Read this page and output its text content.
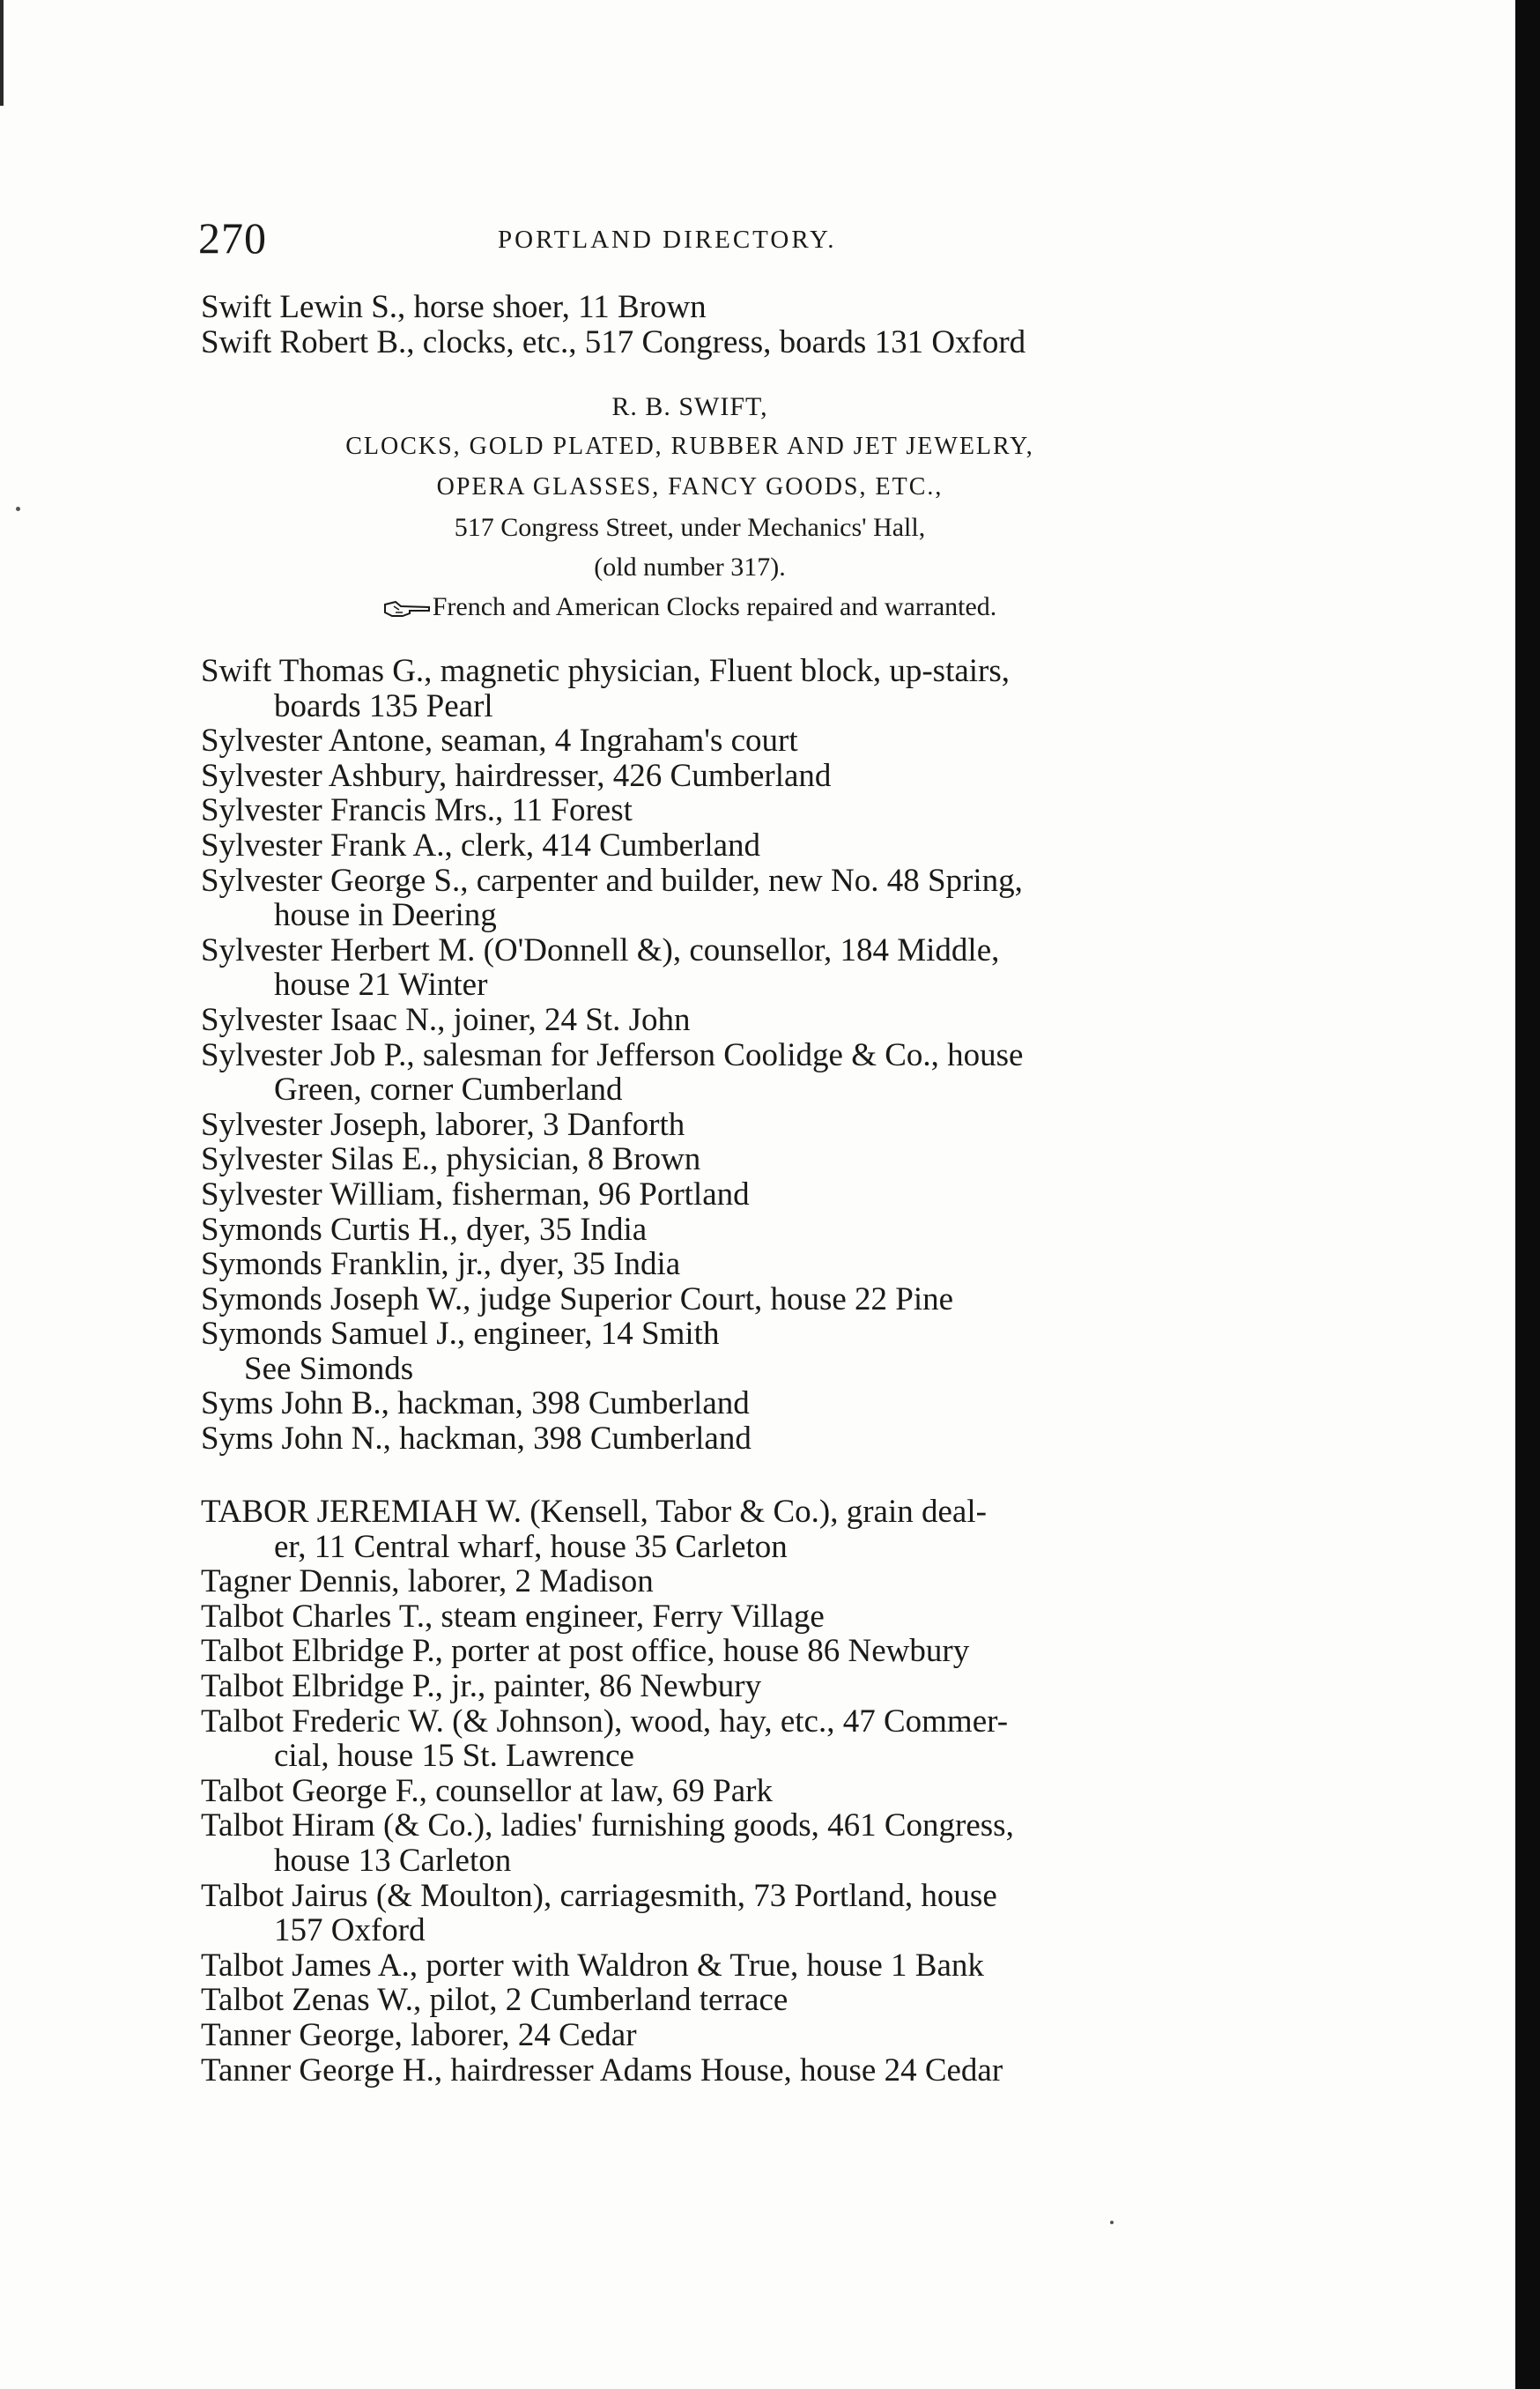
270	PORTLAND DIRECTORY.
Swift Lewin S., horse shoer, 11 Brown
Swift Robert B., clocks, etc., 517 Congress, boards 131 Oxford
R. B. SWIFT,
CLOCKS, GOLD PLATED, RUBBER AND JET JEWELRY,
OPERA GLASSES, FANCY GOODS, ETC.,
517 Congress Street, under Mechanics' Hall,
(old number 317).
French and American Clocks repaired and warranted.
Swift Thomas G., magnetic physician, Fluent block, up-stairs,
boards 135 Pearl
Sylvester Antone, seaman, 4 Ingraham's court
Sylvester Ashbury, hairdresser, 426 Cumberland
Sylvester Francis Mrs., 11 Forest
Sylvester Frank A., clerk, 414 Cumberland
Sylvester George S., carpenter and builder, new No. 48 Spring,
house in Deering
Sylvester Herbert M. (O'Donnell &), counsellor, 184 Middle,
house 21 Winter
Sylvester Isaac N., joiner, 24 St. John
Sylvester Job P., salesman for Jefferson Coolidge & Co., house
Green, corner Cumberland
Sylvester Joseph, laborer, 3 Danforth
Sylvester Silas E., physician, 8 Brown
Sylvester William, fisherman, 96 Portland
Symonds Curtis H., dyer, 35 India
Symonds Franklin, jr., dyer, 35 India
Symonds Joseph W., judge Superior Court, house 22 Pine
Symonds Samuel J., engineer, 14 Smith
See Simonds
Syms John B., hackman, 398 Cumberland
Syms John N., hackman, 398 Cumberland
TABOR JEREMIAH W. (Kensell, Tabor & Co.), grain deal-
er, 11 Central wharf, house 35 Carleton
Tagner Dennis, laborer, 2 Madison
Talbot Charles T., steam engineer, Ferry Village
Talbot Elbridge P., porter at post office, house 86 Newbury
Talbot Elbridge P., jr., painter, 86 Newbury
Talbot Frederic W. (& Johnson), wood, hay, etc., 47 Commer-
cial, house 15 St. Lawrence
Talbot George F., counsellor at law, 69 Park
Talbot Hiram (& Co.), ladies' furnishing goods, 461 Congress,
house 13 Carleton
Talbot Jairus (& Moulton), carriagesmith, 73 Portland, house
157 Oxford
Talbot James A., porter with Waldron & True, house 1 Bank
Talbot Zenas W., pilot, 2 Cumberland terrace
Tanner George, laborer, 24 Cedar
Tanner George H., hairdresser Adams House, house 24 Cedar
